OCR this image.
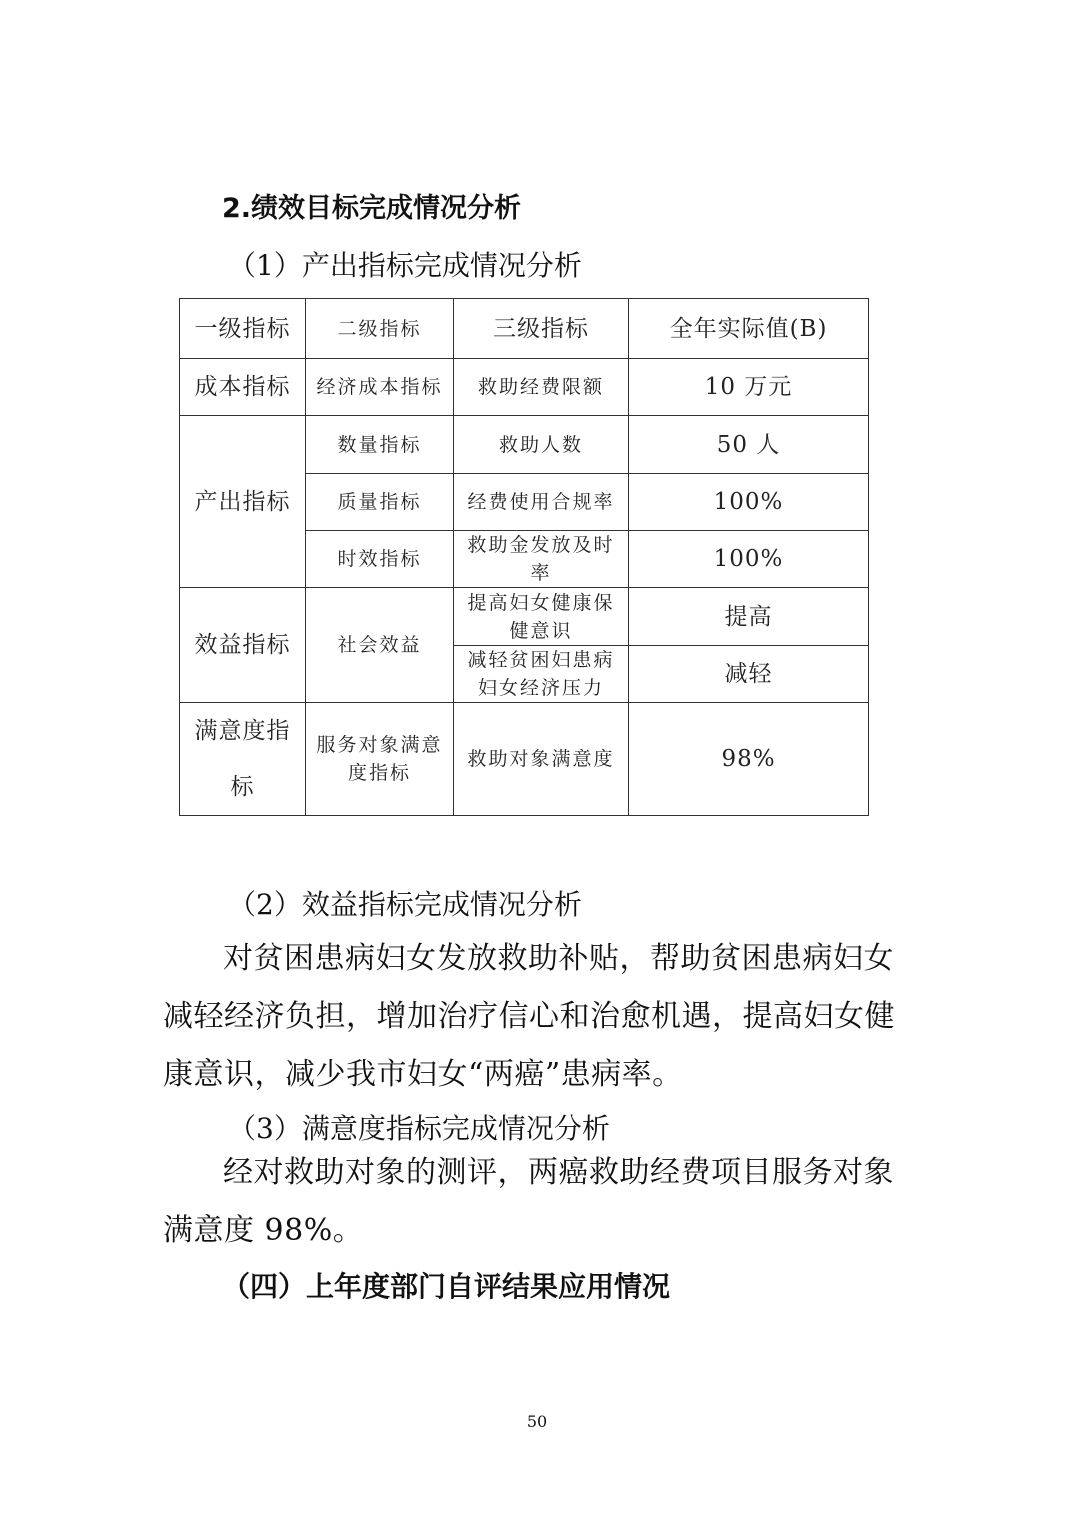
2.绩效目标完成情况分析
（1）产出指标完成情况分析
一级指标	二级指标	三级指标	全年实际值(B)
成本指标	经济成本指标	救助经费限额	10 万元
产出指标	数量指标	救助人数	50 人
	质量指标	经费使用合规率	100%
	时效指标	救助金发放及时率	100%
效益指标	社会效益	提高妇女健康保健意识	提高
		减轻贫困妇患病妇女经济压力	减轻
满意度指标	服务对象满意度指标	救助对象满意度	98%
（2）效益指标完成情况分析
对贫困患病妇女发放救助补贴，帮助贫困患病妇女减轻经济负担，增加治疗信心和治愈机遇，提高妇女健康意识，减少我市妇女“两癌”患病率。
（3）满意度指标完成情况分析
经对救助对象的测评，两癌救助经费项目服务对象满意度 98%。
（四）上年度部门自评结果应用情况
50
